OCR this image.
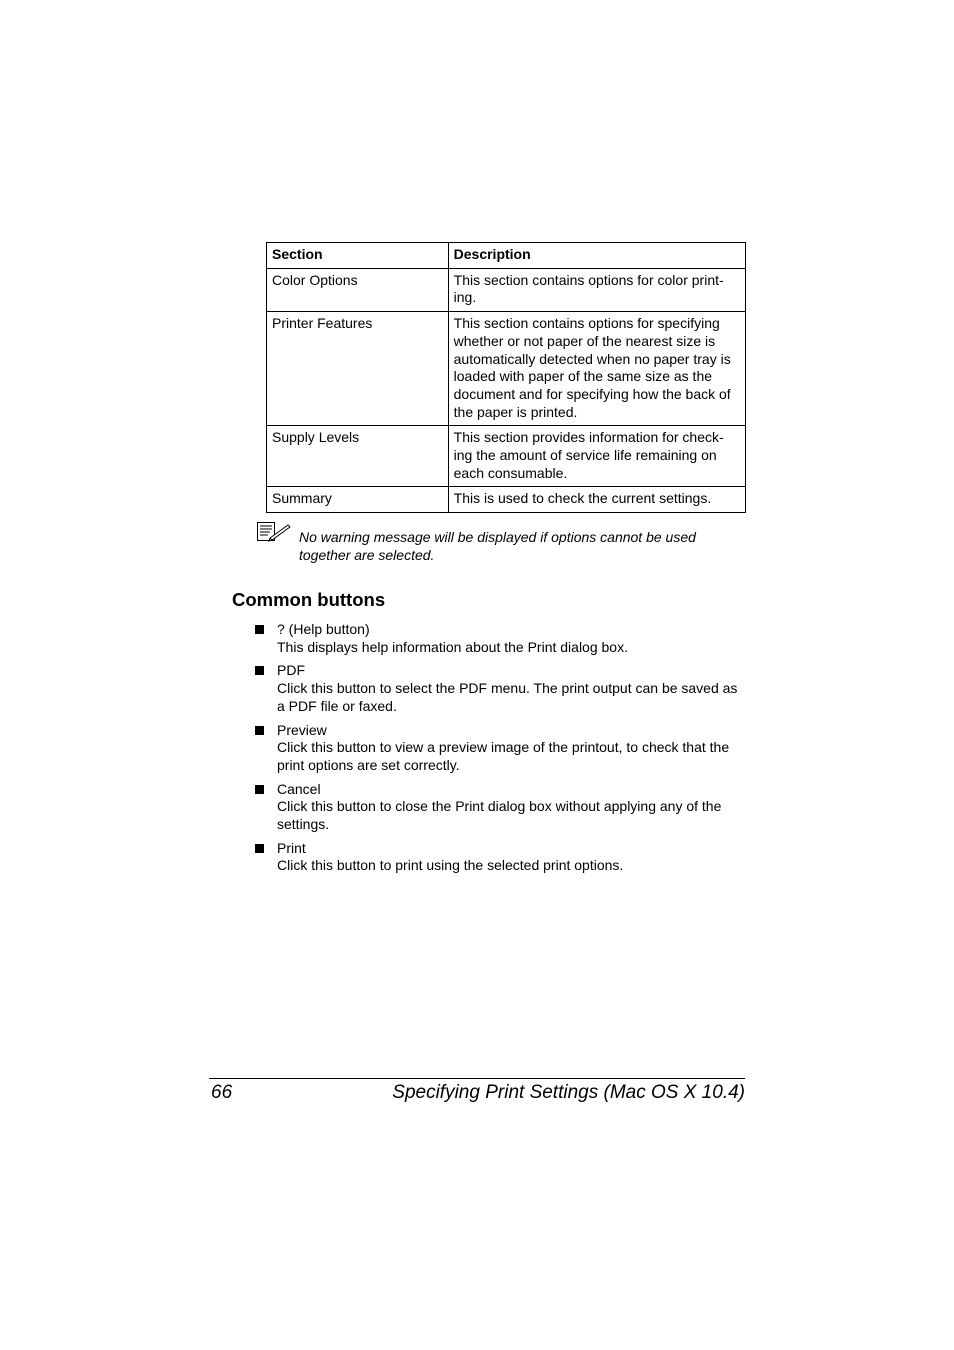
Section	Description
Color Options	This section contains options for color print-
ing.
Printer Features	This section contains options for specifying whether or not paper of the nearest size is automatically detected when no paper tray is loaded with paper of the same size as the document and for specifying how the back of the paper is printed.
Supply Levels	This section provides information for check-
ing the amount of service life remaining on
each consumable.
Summary	This is used to check the current settings.
No warning message will be displayed if options cannot be used
together are selected.
Common buttons
? (Help button)
This displays help information about the Print dialog box.
PDF
Click this button to select the PDF menu. The print output can be saved as a PDF file or faxed.
Preview
Click this button to view a preview image of the printout, to check that the print options are set correctly.
Cancel
Click this button to close the Print dialog box without applying any of the settings.
Print
Click this button to print using the selected print options.
66	Specifying Print Settings (Mac OS X 10.4)
